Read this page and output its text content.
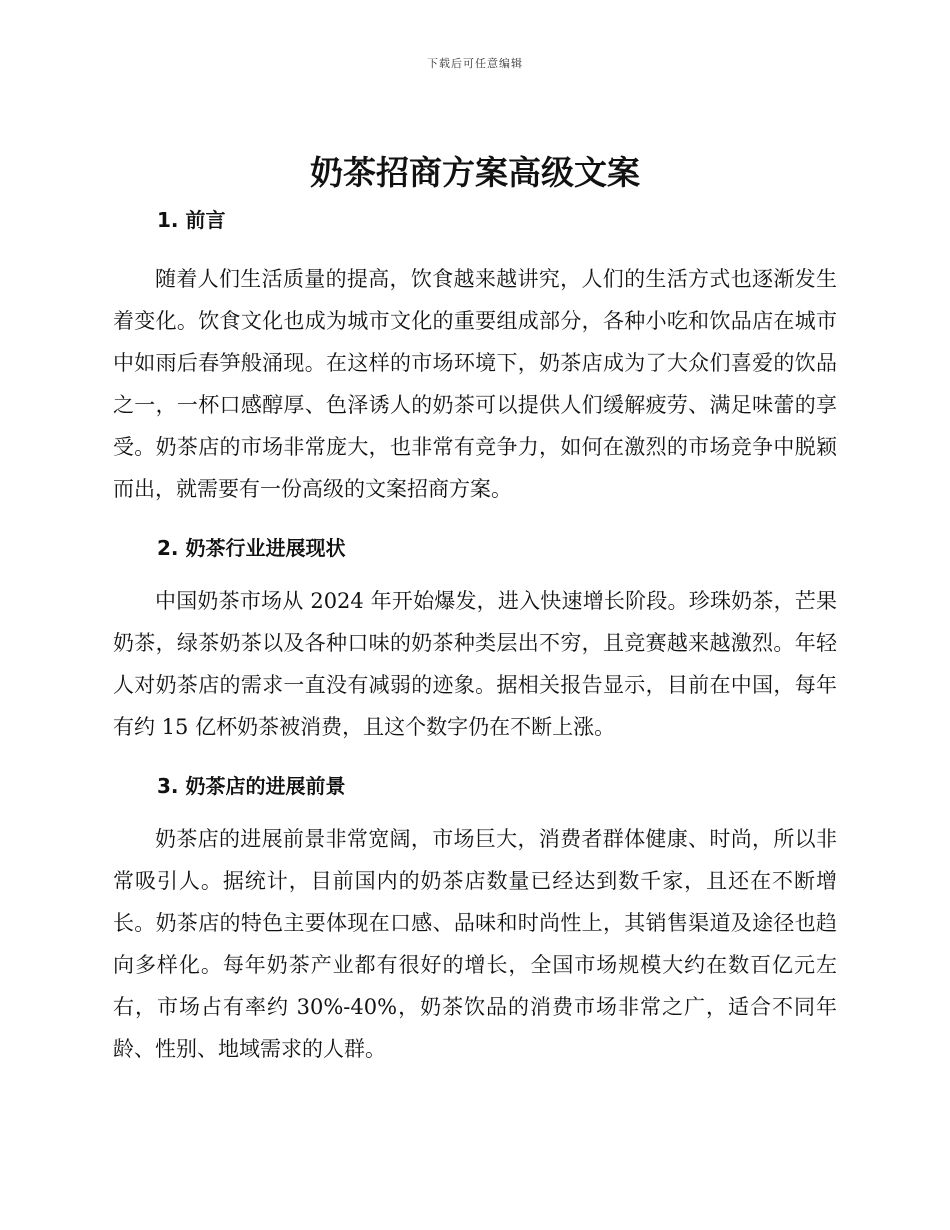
下载后可任意编辑
奶茶招商方案高级文案
1. 前言

随着人们生活质量的提高，饮食越来越讲究，人们的生活方式也逐渐发生着变化。饮食文化也成为城市文化的重要组成部分，各种小吃和饮品店在城市中如雨后春笋般涌现。在这样的市场环境下，奶茶店成为了大众们喜爱的饮品之一，一杯口感醇厚、色泽诱人的奶茶可以提供人们缓解疲劳、满足味蕾的享受。奶茶店的市场非常庞大，也非常有竞争力，如何在激烈的市场竞争中脱颖而出，就需要有一份高级的文案招商方案。

2. 奶茶行业进展现状

中国奶茶市场从 2024 年开始爆发，进入快速增长阶段。珍珠奶茶，芒果奶茶，绿茶奶茶以及各种口味的奶茶种类层出不穷，且竞赛越来越激烈。年轻人对奶茶店的需求一直没有减弱的迹象。据相关报告显示，目前在中国，每年有约 15 亿杯奶茶被消费，且这个数字仍在不断上涨。

3. 奶茶店的进展前景

奶茶店的进展前景非常宽阔，市场巨大，消费者群体健康、时尚，所以非常吸引人。据统计，目前国内的奶茶店数量已经达到数千家，且还在不断增长。奶茶店的特色主要体现在口感、品味和时尚性上，其销售渠道及途径也趋向多样化。每年奶茶产业都有很好的增长，全国市场规模大约在数百亿元左右，市场占有率约 30%-40%，奶茶饮品的消费市场非常之广，适合不同年龄、性别、地域需求的人群。
